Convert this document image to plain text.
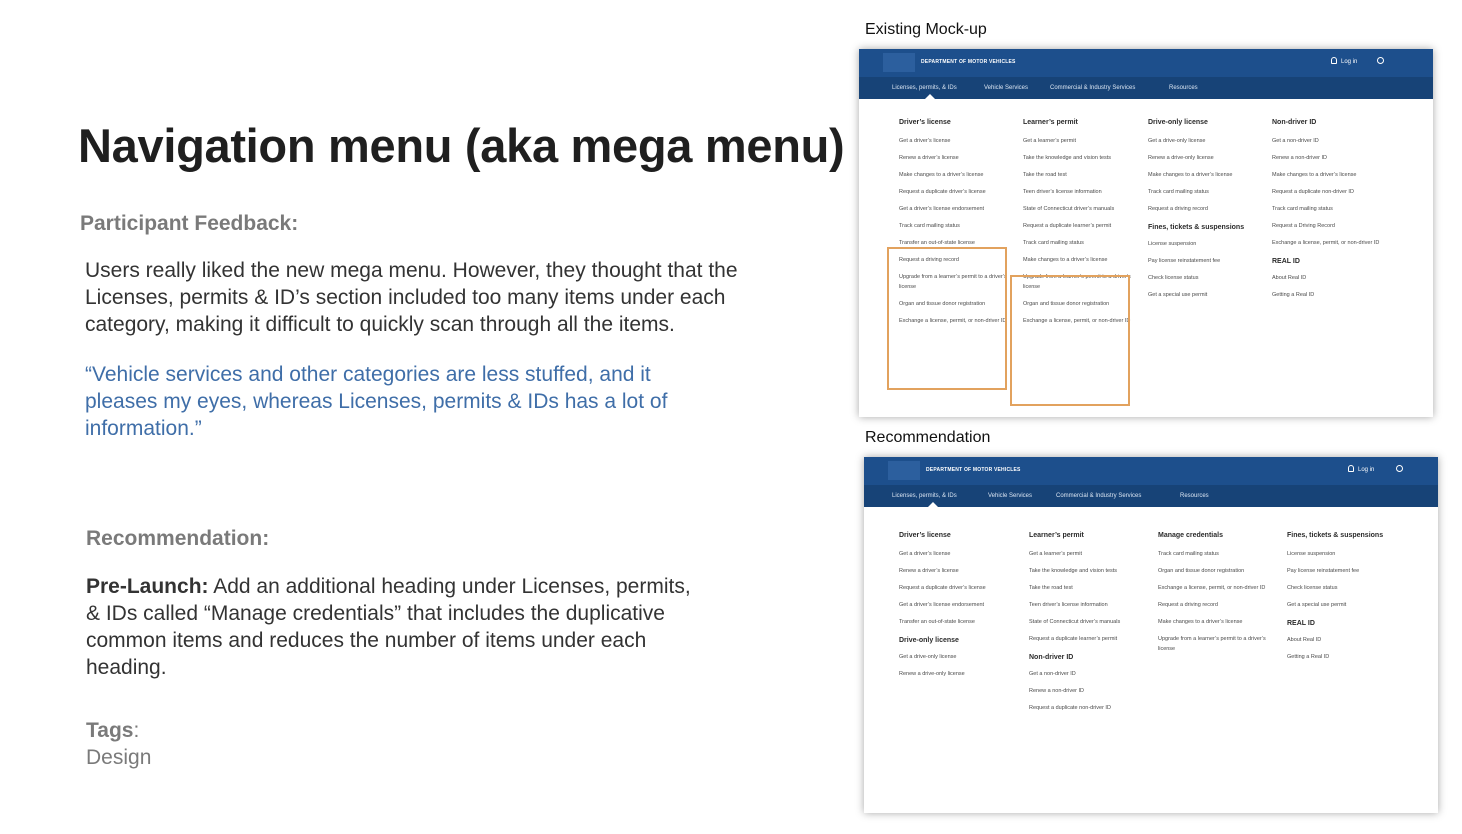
Navigation menu (aka mega menu)
Participant Feedback:
Users really liked the new mega menu. However, they thought that the Licenses, permits & ID’s section included too many items under each category, making it difficult to quickly scan through all the items.
“Vehicle services and other categories are less stuffed, and it pleases my eyes, whereas Licenses, permits & IDs has a lot of information.”
Recommendation:
Pre-Launch: Add an additional heading under Licenses, permits, & IDs called “Manage credentials” that includes the duplicative common items and reduces the number of items under each heading.
Tags:
Design
Existing Mock-up
Recommendation
DEPARTMENT OF MOTOR VEHICLES	Log in
Licenses, permits, & IDs	Vehicle Services	Commercial & Industry Services	Resources
Driver’s license
Get a driver’s license
Renew a driver’s license
Make changes to a driver’s license
Request a duplicate driver’s license
Get a driver’s license endorsement
Track card mailing status
Transfer an out-of-state license
Request a driving record
Upgrade from a learner’s permit to a driver’s license
Organ and tissue donor registration
Exchange a license, permit, or non-driver ID
Learner’s permit
Get a learner’s permit
Take the knowledge and vision tests
Take the road test
Teen driver’s license information
State of Connecticut driver’s manuals
Request a duplicate learner’s permit
Track card mailing status
Make changes to a driver’s license
Upgrade from a learner’s permit to a driver’s license
Organ and tissue donor registration
Exchange a license, permit, or non-driver ID
Drive-only license
Get a drive-only license
Renew a drive-only license
Make changes to a driver’s license
Track card mailing status
Request a driving record
Fines, tickets & suspensions
License suspension
Pay license reinstatement fee
Check license status
Get a special use permit
Non-driver ID
Get a non-driver ID
Renew a non-driver ID
Make changes to a driver’s license
Request a duplicate non-driver ID
Track card mailing status
Request a Driving Record
Exchange a license, permit, or non-driver ID
REAL ID
About Real ID
Getting a Real ID
DEPARTMENT OF MOTOR VEHICLES	Log in
Licenses, permits, & IDs	Vehicle Services	Commercial & Industry Services	Resources
Driver’s license
Get a driver’s license
Renew a driver’s license
Request a duplicate driver’s license
Get a driver’s license endorsement
Transfer an out-of-state license
Drive-only license
Get a drive-only license
Renew a drive-only license
Learner’s permit
Get a learner’s permit
Take the knowledge and vision tests
Take the road test
Teen driver’s license information
State of Connecticut driver’s manuals
Request a duplicate learner’s permit
Non-driver ID
Get a non-driver ID
Renew a non-driver ID
Request a duplicate non-driver ID
Manage credentials
Track card mailing status
Organ and tissue donor registration
Exchange a license, permit, or non-driver ID
Request a driving record
Make changes to a driver’s license
Upgrade from a learner’s permit to a driver’s license
Fines, tickets & suspensions
License suspension
Pay license reinstatement fee
Check license status
Get a special use permit
REAL ID
About Real ID
Getting a Real ID
